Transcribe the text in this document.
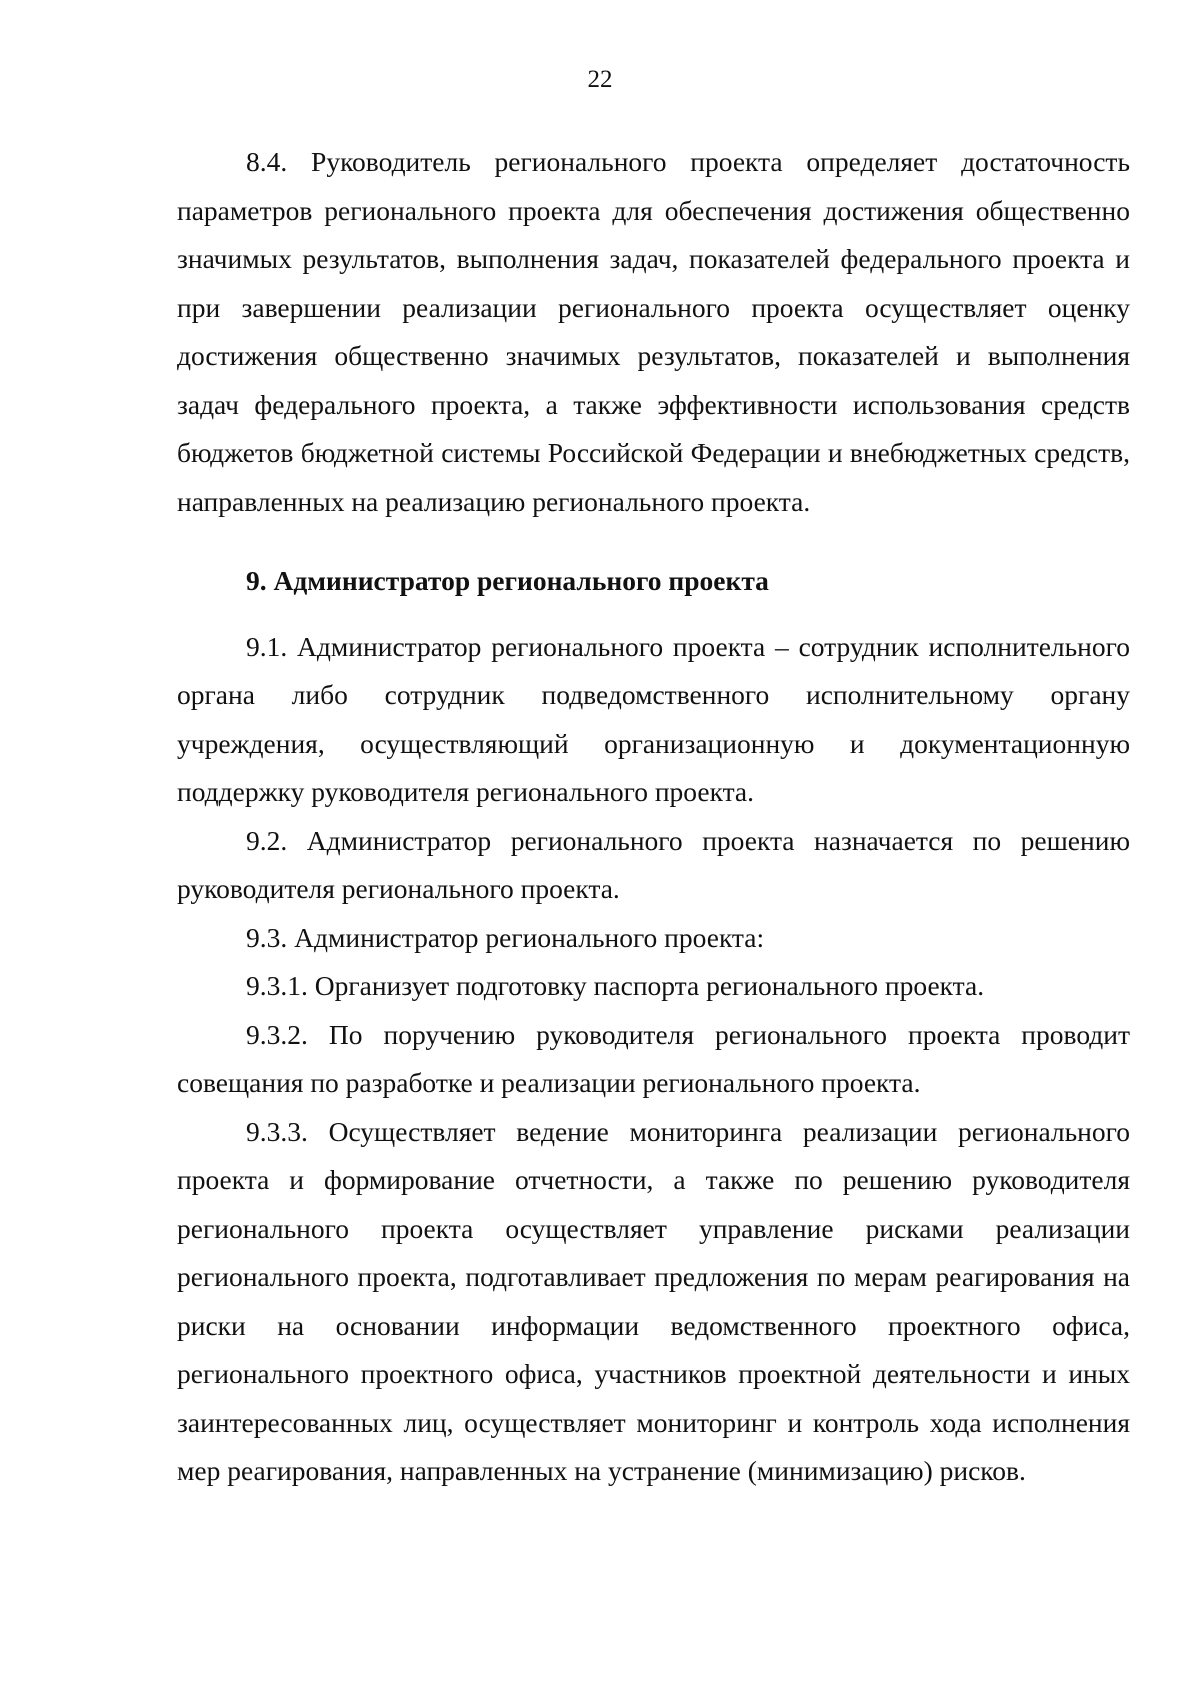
22

8.4. Руководитель регионального проекта определяет достаточность параметров регионального проекта для обеспечения достижения общественно значимых результатов, выполнения задач, показателей федерального проекта и при завершении реализации регионального проекта осуществляет оценку достижения общественно значимых результатов, показателей и выполнения задач федерального проекта, а также эффективности использования средств бюджетов бюджетной системы Российской Федерации и внебюджетных средств, направленных на реализацию регионального проекта.

9. Администратор регионального проекта

9.1. Администратор регионального проекта – сотрудник исполнительного органа либо сотрудник подведомственного исполнительному органу учреждения, осуществляющий организационную и документационную поддержку руководителя регионального проекта.

9.2. Администратор регионального проекта назначается по решению руководителя регионального проекта.

9.3. Администратор регионального проекта:

9.3.1. Организует подготовку паспорта регионального проекта.

9.3.2. По поручению руководителя регионального проекта проводит совещания по разработке и реализации регионального проекта.

9.3.3. Осуществляет ведение мониторинга реализации регионального проекта и формирование отчетности, а также по решению руководителя регионального проекта осуществляет управление рисками реализации регионального проекта, подготавливает предложения по мерам реагирования на риски на основании информации ведомственного проектного офиса, регионального проектного офиса, участников проектной деятельности и иных заинтересованных лиц, осуществляет мониторинг и контроль хода исполнения мер реагирования, направленных на устранение (минимизацию) рисков.
